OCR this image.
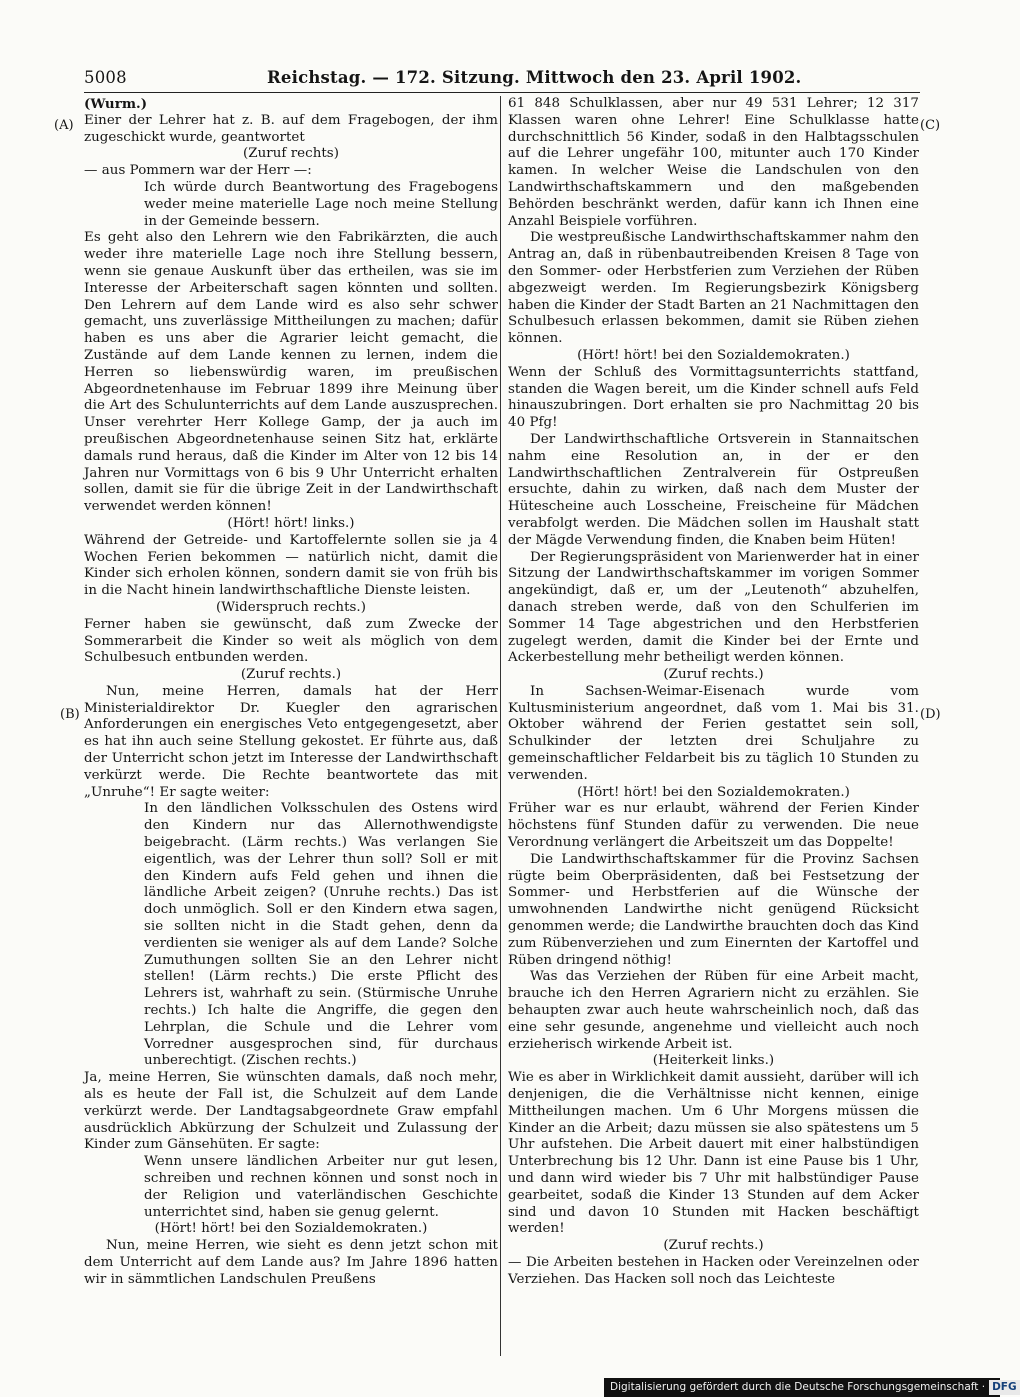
5008	Reichstag. — 172. Sitzung. Mittwoch den 23. April 1902.
(A)
(B)
(C)
(D)

(Wurm.)

Einer der Lehrer hat z. B. auf dem Fragebogen, der ihm zugeschickt wurde, geantwortet

(Zuruf rechts)

— aus Pommern war der Herr —:

Ich würde durch Beantwortung des Fragebogens weder meine materielle Lage noch meine Stellung in der Gemeinde bessern.

Es geht also den Lehrern wie den Fabrikärzten, die auch weder ihre materielle Lage noch ihre Stellung bessern, wenn sie genaue Auskunft über das ertheilen, was sie im Interesse der Arbeiterschaft sagen könnten und sollten. Den Lehrern auf dem Lande wird es also sehr schwer gemacht, uns zuverlässige Mittheilungen zu machen; dafür haben es uns aber die Agrarier leicht gemacht, die Zustände auf dem Lande kennen zu lernen, indem die Herren so liebenswürdig waren, im preußischen Abgeordnetenhause im Februar 1899 ihre Meinung über die Art des Schulunterrichts auf dem Lande auszusprechen. Unser verehrter Herr Kollege Gamp, der ja auch im preußischen Abgeordnetenhause seinen Sitz hat, erklärte damals rund heraus, daß die Kinder im Alter von 12 bis 14 Jahren nur Vormittags von 6 bis 9 Uhr Unterricht erhalten sollen, damit sie für die übrige Zeit in der Landwirthschaft verwendet werden können!

(Hört! hört! links.)

Während der Getreide- und Kartoffelernte sollen sie ja 4 Wochen Ferien bekommen — natürlich nicht, damit die Kinder sich erholen können, sondern damit sie von früh bis in die Nacht hinein landwirthschaftliche Dienste leisten.

(Widerspruch rechts.)

Ferner haben sie gewünscht, daß zum Zwecke der Sommerarbeit die Kinder so weit als möglich von dem Schulbesuch entbunden werden.

(Zuruf rechts.)

Nun, meine Herren, damals hat der Herr Ministerialdirektor Dr. Kuegler den agrarischen Anforderungen ein energisches Veto entgegengesetzt, aber es hat ihn auch seine Stellung gekostet. Er führte aus, daß der Unterricht schon jetzt im Interesse der Landwirthschaft verkürzt werde. Die Rechte beantwortete das mit „Unruhe“! Er sagte weiter:

In den ländlichen Volksschulen des Ostens wird den Kindern nur das Allernothwendigste beigebracht. (Lärm rechts.) Was verlangen Sie eigentlich, was der Lehrer thun soll? Soll er mit den Kindern aufs Feld gehen und ihnen die ländliche Arbeit zeigen? (Unruhe rechts.) Das ist doch unmöglich. Soll er den Kindern etwa sagen, sie sollten nicht in die Stadt gehen, denn da verdienten sie weniger als auf dem Lande? Solche Zumuthungen sollten Sie an den Lehrer nicht stellen! (Lärm rechts.) Die erste Pflicht des Lehrers ist, wahrhaft zu sein. (Stürmische Unruhe rechts.) Ich halte die Angriffe, die gegen den Lehrplan, die Schule und die Lehrer vom Vorredner ausgesprochen sind, für durchaus unberechtigt. (Zischen rechts.)

Ja, meine Herren, Sie wünschten damals, daß noch mehr, als es heute der Fall ist, die Schulzeit auf dem Lande verkürzt werde. Der Landtagsabgeordnete Graw empfahl ausdrücklich Abkürzung der Schulzeit und Zulassung der Kinder zum Gänsehüten. Er sagte:

Wenn unsere ländlichen Arbeiter nur gut lesen, schreiben und rechnen können und sonst noch in der Religion und vaterländischen Geschichte unterrichtet sind, haben sie genug gelernt.

(Hört! hört! bei den Sozialdemokraten.)

Nun, meine Herren, wie sieht es denn jetzt schon mit dem Unterricht auf dem Lande aus? Im Jahre 1896 hatten wir in sämmtlichen Landschulen Preußens

61 848 Schulklassen, aber nur 49 531 Lehrer; 12 317 Klassen waren ohne Lehrer! Eine Schulklasse hatte durchschnittlich 56 Kinder, sodaß in den Halbtagsschulen auf die Lehrer ungefähr 100, mitunter auch 170 Kinder kamen. In welcher Weise die Landschulen von den Landwirthschaftskammern und den maßgebenden Behörden beschränkt werden, dafür kann ich Ihnen eine Anzahl Beispiele vorführen.

Die westpreußische Landwirthschaftskammer nahm den Antrag an, daß in rübenbautreibenden Kreisen 8 Tage von den Sommer- oder Herbstferien zum Verziehen der Rüben abgezweigt werden. Im Regierungsbezirk Königsberg haben die Kinder der Stadt Barten an 21 Nachmittagen den Schulbesuch erlassen bekommen, damit sie Rüben ziehen können.

(Hört! hört! bei den Sozialdemokraten.)

Wenn der Schluß des Vormittagsunterrichts stattfand, standen die Wagen bereit, um die Kinder schnell aufs Feld hinauszubringen. Dort erhalten sie pro Nachmittag 20 bis 40 Pfg!

Der Landwirthschaftliche Ortsverein in Stannaitschen nahm eine Resolution an, in der er den Landwirthschaftlichen Zentralverein für Ostpreußen ersuchte, dahin zu wirken, daß nach dem Muster der Hütescheine auch Losscheine, Freischeine für Mädchen verabfolgt werden. Die Mädchen sollen im Haushalt statt der Mägde Verwendung finden, die Knaben beim Hüten!

Der Regierungspräsident von Marienwerder hat in einer Sitzung der Landwirthschaftskammer im vorigen Sommer angekündigt, daß er, um der „Leutenoth“ abzuhelfen, danach streben werde, daß von den Schulferien im Sommer 14 Tage abgestrichen und den Herbstferien zugelegt werden, damit die Kinder bei der Ernte und Ackerbestellung mehr betheiligt werden können.

(Zuruf rechts.)

In Sachsen-Weimar-Eisenach wurde vom Kultusministerium angeordnet, daß vom 1. Mai bis 31. Oktober während der Ferien gestattet sein soll, Schulkinder der letzten drei Schuljahre zu gemeinschaftlicher Feldarbeit bis zu täglich 10 Stunden zu verwenden.

(Hört! hört! bei den Sozialdemokraten.)

Früher war es nur erlaubt, während der Ferien Kinder höchstens fünf Stunden dafür zu verwenden. Die neue Verordnung verlängert die Arbeitszeit um das Doppelte!

Die Landwirthschaftskammer für die Provinz Sachsen rügte beim Oberpräsidenten, daß bei Festsetzung der Sommer- und Herbstferien auf die Wünsche der umwohnenden Landwirthe nicht genügend Rücksicht genommen werde; die Landwirthe brauchten doch das Kind zum Rübenverziehen und zum Einernten der Kartoffel und Rüben dringend nöthig!

Was das Verziehen der Rüben für eine Arbeit macht, brauche ich den Herren Agrariern nicht zu erzählen. Sie behaupten zwar auch heute wahrscheinlich noch, daß das eine sehr gesunde, angenehme und vielleicht auch noch erzieherisch wirkende Arbeit ist.

(Heiterkeit links.)

Wie es aber in Wirklichkeit damit aussieht, darüber will ich denjenigen, die die Verhältnisse nicht kennen, einige Mittheilungen machen. Um 6 Uhr Morgens müssen die Kinder an die Arbeit; dazu müssen sie also spätestens um 5 Uhr aufstehen. Die Arbeit dauert mit einer halbstündigen Unterbrechung bis 12 Uhr. Dann ist eine Pause bis 1 Uhr, und dann wird wieder bis 7 Uhr mit halbstündiger Pause gearbeitet, sodaß die Kinder 13 Stunden auf dem Acker sind und davon 10 Stunden mit Hacken beschäftigt werden!

(Zuruf rechts.)

— Die Arbeiten bestehen in Hacken oder Vereinzelnen oder Verziehen. Das Hacken soll noch das Leichteste

Digitalisierung gefördert durch die Deutsche Forschungsgemeinschaft · DFG
